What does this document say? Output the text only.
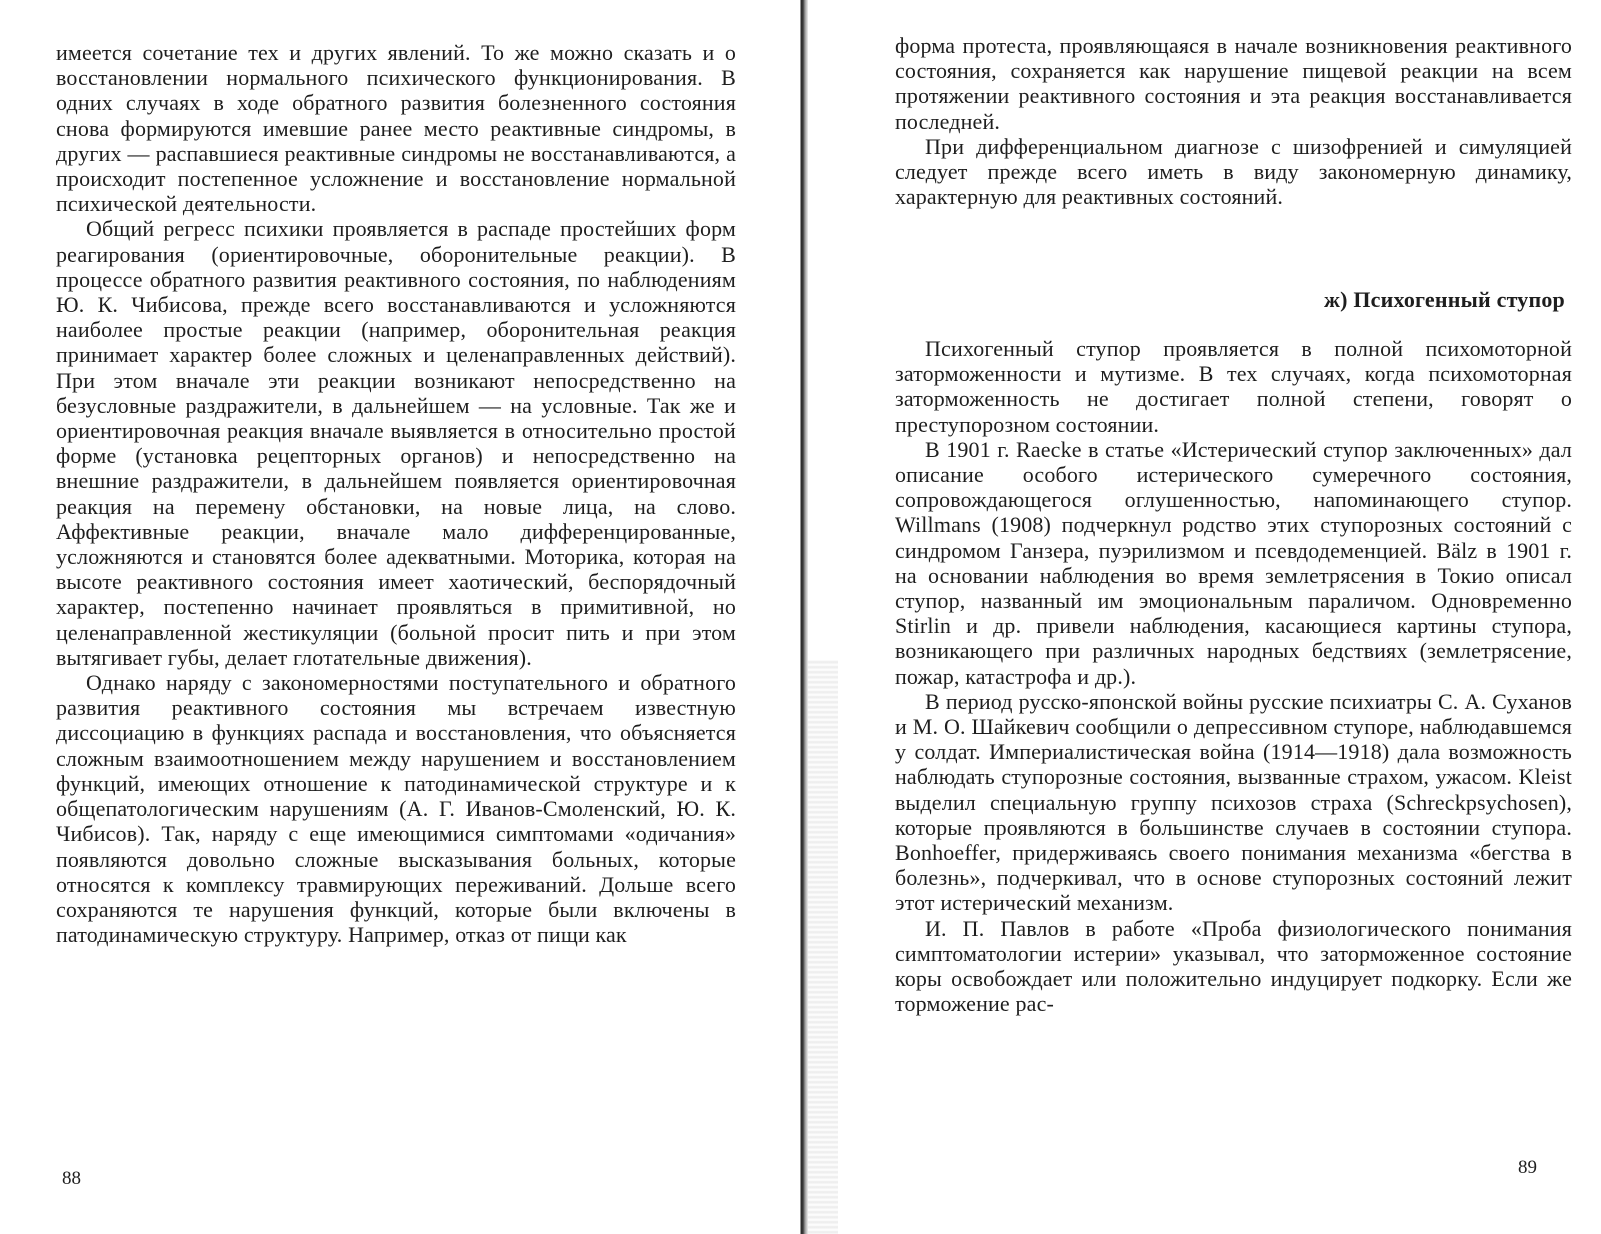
имеется сочетание тех и других явлений. То же можно сказать и о восстановлении нормального психического функционирования. В одних случаях в ходе обратного развития болезненного состояния снова формируются имевшие ранее место реактивные синдромы, в других — распавшиеся реактивные синдромы не восстанавливаются, а происходит постепенное усложнение и восстановление нормальной психической деятельности.

Общий регресс психики проявляется в распаде простейших форм реагирования (ориентировочные, оборонительные реакции). В процессе обратного развития реактивного состояния, по наблюдениям Ю. К. Чибисова, прежде всего восстанавливаются и усложняются наиболее простые реакции (например, оборонительная реакция принимает характер более сложных и целенаправленных действий). При этом вначале эти реакции возникают непосредственно на безусловные раздражители, в дальнейшем — на условные. Так же и ориентировочная реакция вначале выявляется в относительно простой форме (установка рецепторных органов) и непосредственно на внешние раздражители, в дальнейшем появляется ориентировочная реакция на перемену обстановки, на новые лица, на слово. Аффективные реакции, вначале мало дифференцированные, усложняются и становятся более адекватными. Моторика, которая на высоте реактивного состояния имеет хаотический, беспорядочный характер, постепенно начинает проявляться в примитивной, но целенаправленной жестикуляции (больной просит пить и при этом вытягивает губы, делает глотательные движения).

Однако наряду с закономерностями поступательного и обратного развития реактивного состояния мы встречаем известную диссоциацию в функциях распада и восстановления, что объясняется сложным взаимоотношением между нарушением и восстановлением функций, имеющих отношение к патодинамической структуре и к общепатологическим нарушениям (А. Г. Иванов-Смоленский, Ю. К. Чибисов). Так, наряду с еще имеющимися симптомами «одичания» появляются довольно сложные высказывания больных, которые относятся к комплексу травмирующих переживаний. Дольше всего сохраняются те нарушения функций, которые были включены в патодинамическую структуру. Например, отказ от пищи как

88

форма протеста, проявляющаяся в начале возникновения реактивного состояния, сохраняется как нарушение пищевой реакции на всем протяжении реактивного состояния и эта реакция восстанавливается последней.

При дифференциальном диагнозе с шизофренией и симуляцией следует прежде всего иметь в виду закономерную динамику, характерную для реактивных состояний.

ж) Психогенный ступор

Психогенный ступор проявляется в полной психомоторной заторможенности и мутизме. В тех случаях, когда психомоторная заторможенность не достигает полной степени, говорят о преступорозном состоянии.

В 1901 г. Raecke в статье «Истерический ступор заключенных» дал описание особого истерического сумеречного состояния, сопровождающегося оглушенностью, напоминающего ступор. Willmans (1908) подчеркнул родство этих ступорозных состояний с синдромом Ганзера, пуэрилизмом и псевдодеменцией. Bälz в 1901 г. на основании наблюдения во время землетрясения в Токио описал ступор, названный им эмоциональным параличом. Одновременно Stirlin и др. привели наблюдения, касающиеся картины ступора, возникающего при различных народных бедствиях (землетрясение, пожар, катастрофа и др.).

В период русско-японской войны русские психиатры С. А. Суханов и М. О. Шайкевич сообщили о депрессивном ступоре, наблюдавшемся у солдат. Империалистическая война (1914—1918) дала возможность наблюдать ступорозные состояния, вызванные страхом, ужасом. Kleist выделил специальную группу психозов страха (Schreckpsychosen), которые проявляются в большинстве случаев в состоянии ступора. Bonhoeffer, придерживаясь своего понимания механизма «бегства в болезнь», подчеркивал, что в основе ступорозных состояний лежит этот истерический механизм.

И. П. Павлов в работе «Проба физиологического понимания симптоматологии истерии» указывал, что заторможенное состояние коры освобождает или положительно индуцирует подкорку. Если же торможение рас-

89
